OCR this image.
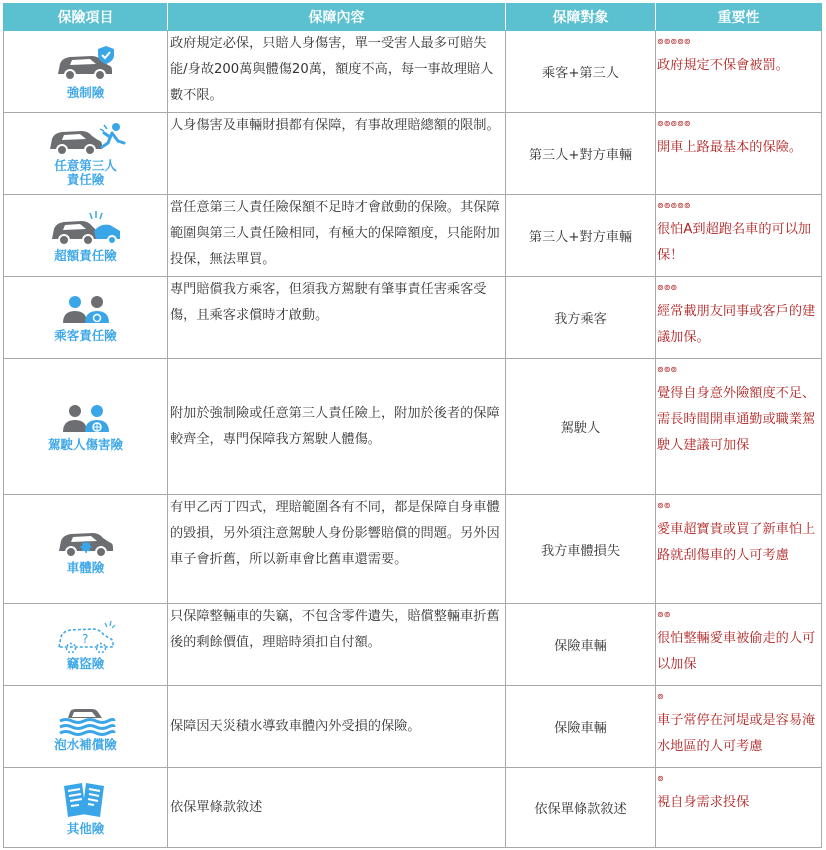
保險項目	保障內容	保障對象	重要性

強制險	政府規定必保，只賠人身傷害，單一受害人最多可賠失能/身故200萬與體傷20萬，額度不高，每一事故理賠人數不限。	乘客+第三人	⊚⊚⊚⊚⊚
政府規定不保會被罰。

任意第三人
責任險	人身傷害及車輛財損都有保障，有事故理賠總額的限制。	第三人+對方車輛	⊚⊚⊚⊚⊚
開車上路最基本的保險。

超額責任險	當任意第三人責任險保額不足時才會啟動的保險。其保障範圍與第三人責任險相同，有極大的保障額度，只能附加投保，無法單買。	第三人+對方車輛	⊚⊚⊚⊚⊚
很怕A到超跑名車的可以加保！

乘客責任險	專門賠償我方乘客，但須我方駕駛有肇事責任害乘客受傷，且乘客求償時才啟動。	我方乘客	⊚⊚⊚
經常載朋友同事或客戶的建議加保。

駕駛人傷害險	附加於強制險或任意第三人責任險上，附加於後者的保障較齊全，專門保障我方駕駛人體傷。	駕駛人	⊚⊚⊚
覺得自身意外險額度不足、需長時間開車通勤或職業駕駛人建議可加保

車體險	有甲乙丙丁四式，理賠範圍各有不同，都是保障自身車體的毀損，另外須注意駕駛人身份影響賠償的問題。另外因車子會折舊，所以新車會比舊車還需要。	我方車體損失	⊚⊚
愛車超寶貴或買了新車怕上路就刮傷車的人可考慮

?
竊盜險	只保障整輛車的失竊，不包含零件遺失，賠償整輛車折舊後的剩餘價值，理賠時須扣自付額。	保險車輛	⊚⊚
很怕整輛愛車被偷走的人可以加保

泡水補償險	保障因天災積水導致車體內外受損的保險。	保險車輛	⊚
車子常停在河堤或是容易淹水地區的人可考慮

其他險	依保單條款敘述	依保單條款敘述	⊚
視自身需求投保
